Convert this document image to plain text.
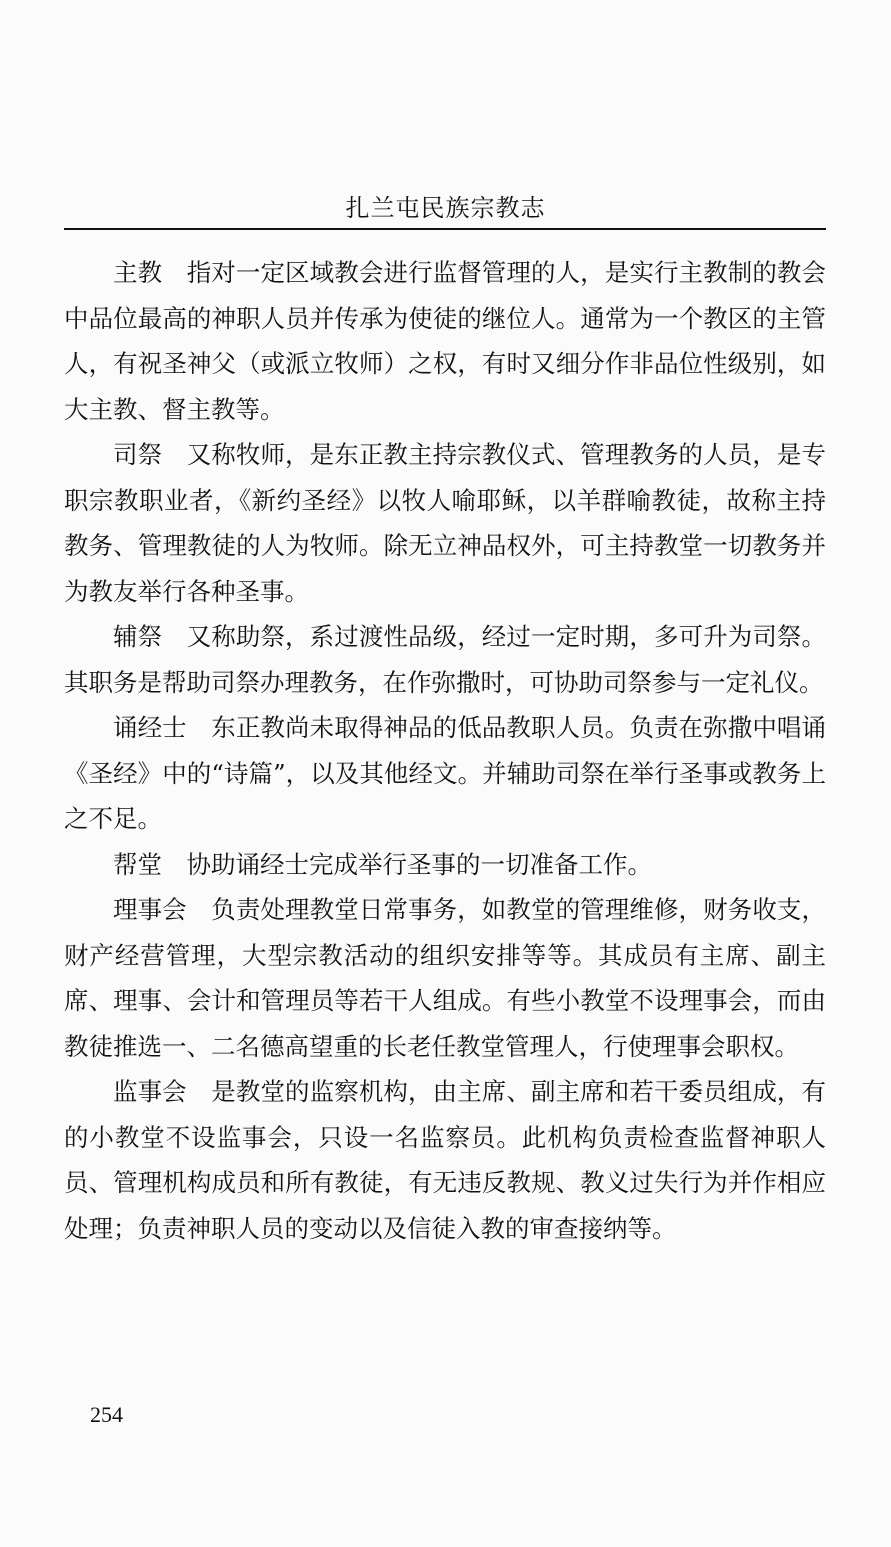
扎兰屯民族宗教志

主教 指对一定区域教会进行监督管理的人，是实行主教制的教会中品位最高的神职人员并传承为使徒的继位人。通常为一个教区的主管人，有祝圣神父（或派立牧师）之权，有时又细分作非品位性级别，如大主教、督主教等。

司祭 又称牧师，是东正教主持宗教仪式、管理教务的人员，是专职宗教职业者，《新约圣经》以牧人喻耶稣，以羊群喻教徒，故称主持教务、管理教徒的人为牧师。除无立神品权外，可主持教堂一切教务并为教友举行各种圣事。

辅祭 又称助祭，系过渡性品级，经过一定时期，多可升为司祭。其职务是帮助司祭办理教务，在作弥撒时，可协助司祭参与一定礼仪。

诵经士 东正教尚未取得神品的低品教职人员。负责在弥撒中唱诵《圣经》中的“诗篇”，以及其他经文。并辅助司祭在举行圣事或教务上之不足。

帮堂 协助诵经士完成举行圣事的一切准备工作。

理事会 负责处理教堂日常事务，如教堂的管理维修，财务收支，财产经营管理，大型宗教活动的组织安排等等。其成员有主席、副主席、理事、会计和管理员等若干人组成。有些小教堂不设理事会，而由教徒推选一、二名德高望重的长老任教堂管理人，行使理事会职权。

监事会 是教堂的监察机构，由主席、副主席和若干委员组成，有的小教堂不设监事会，只设一名监察员。此机构负责检查监督神职人员、管理机构成员和所有教徒，有无违反教规、教义过失行为并作相应处理；负责神职人员的变动以及信徒入教的审查接纳等。

254
